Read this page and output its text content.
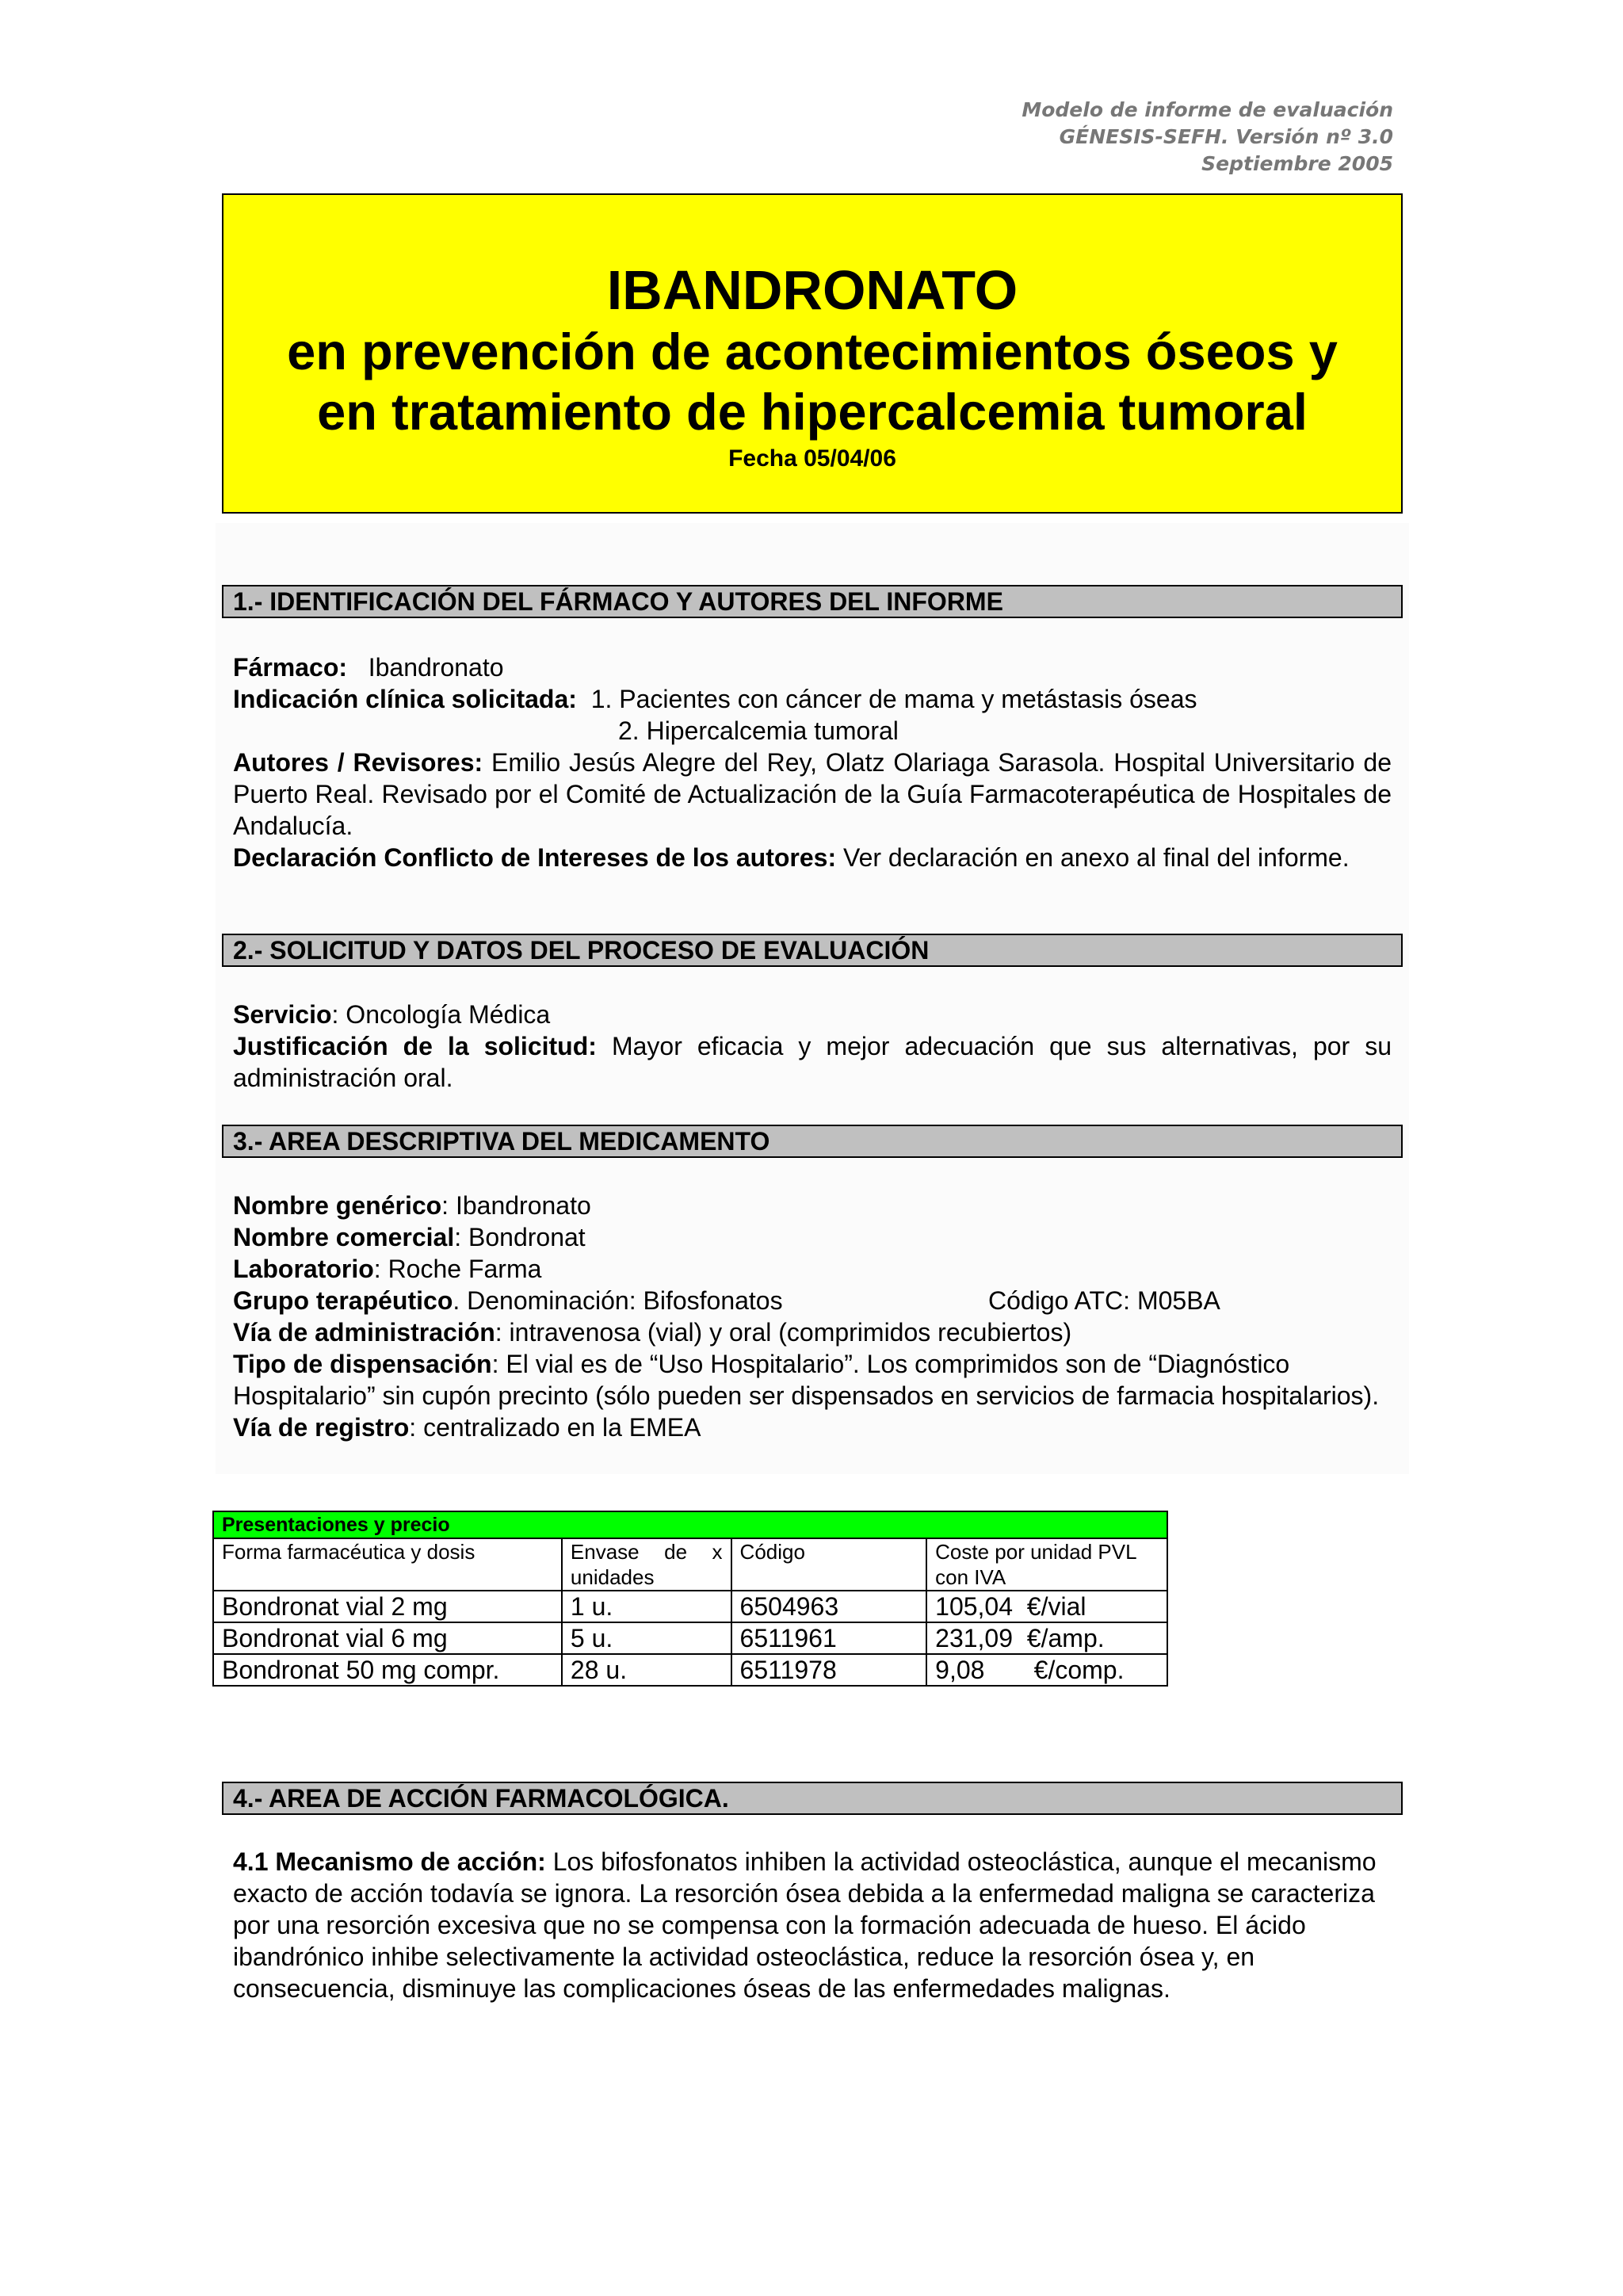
Modelo de informe de evaluación
GÉNESIS-SEFH. Versión nº 3.0
Septiembre 2005
IBANDRONATO
en prevención de acontecimientos óseos y
en tratamiento de hipercalcemia tumoral
Fecha 05/04/06
1.- IDENTIFICACIÓN DEL FÁRMACO Y AUTORES DEL INFORME

Fármaco: Ibandronato

Indicación clínica solicitada: 1. Pacientes con cáncer de mama y metástasis óseas

2. Hipercalcemia tumoral

Autores / Revisores: Emilio Jesús Alegre del Rey, Olatz Olariaga Sarasola. Hospital Universitario de Puerto Real. Revisado por el Comité de Actualización de la Guía Farmacoterapéutica de Hospitales de Andalucía.

Declaración Conflicto de Intereses de los autores: Ver declaración en anexo al final del informe.

2.- SOLICITUD Y DATOS DEL PROCESO DE EVALUACIÓN

Servicio: Oncología Médica

Justificación de la solicitud: Mayor eficacia y mejor adecuación que sus alternativas, por su administración oral.

3.- AREA DESCRIPTIVA DEL MEDICAMENTO

Nombre genérico: Ibandronato

Nombre comercial: Bondronat

Laboratorio: Roche Farma

Grupo terapéutico. Denominación: Bifosfonatos	Código ATC: M05BA

Vía de administración: intravenosa (vial) y oral (comprimidos recubiertos)

Tipo de dispensación: El vial es de “Uso Hospitalario”. Los comprimidos son de “Diagnóstico Hospitalario” sin cupón precinto (sólo pueden ser dispensados en servicios de farmacia hospitalarios).

Vía de registro: centralizado en la EMEA

Presentaciones y precio			
Forma farmacéutica y dosis	Envase de x unidades	Código	Coste por unidad PVL con IVA
Bondronat vial 2 mg	1 u.	6504963	105,04  €/vial
Bondronat vial 6 mg	5 u.	6511961	231,09  €/amp.
Bondronat 50 mg compr.	28 u.	6511978	9,08       €/comp.
4.- AREA DE ACCIÓN FARMACOLÓGICA.

4.1 Mecanismo de acción: Los bifosfonatos inhiben la actividad osteoclástica, aunque el mecanismo exacto de acción todavía se ignora. La resorción ósea debida a la enfermedad maligna se caracteriza por una resorción excesiva que no se compensa con la formación adecuada de hueso. El ácido ibandrónico inhibe selectivamente la actividad osteoclástica, reduce la resorción ósea y, en consecuencia, disminuye las complicaciones óseas de las enfermedades malignas.
